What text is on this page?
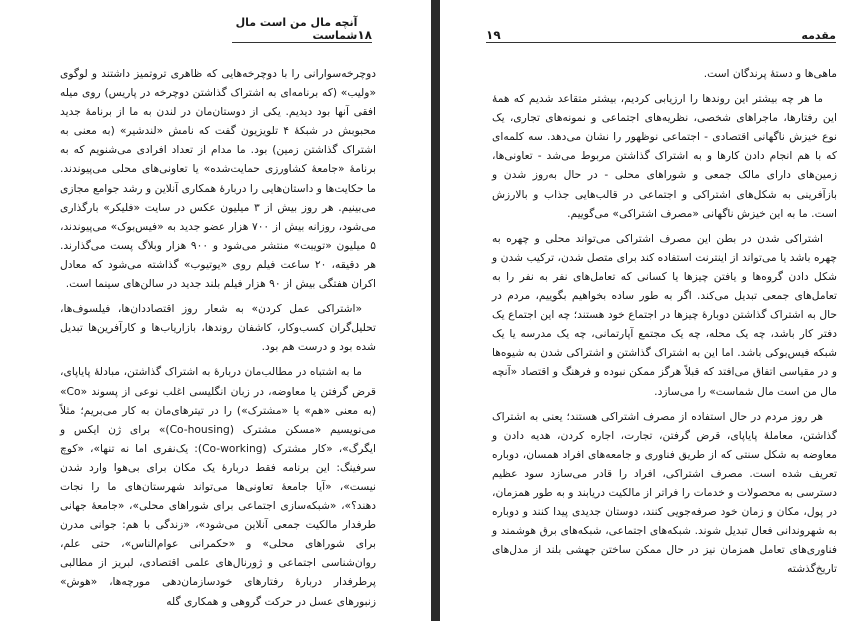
۱۸
آنچه مال من است مال شماست

دوچرخه‌سوارانی را با دوچرخه‌هایی که ظاهری تروتمیز داشتند و لوگوی «ولیب» (که برنامه‌ای به اشتراک گذاشتن دوچرخه در پاریس) روی میله افقی آنها بود دیدیم. یکی از دوستان‌مان در لندن به ما از برنامهٔ جدید محبوبش در شبکهٔ ۴ تلویزیون گفت که نامش «لندشیر» (به معنی به اشتراک گذاشتن زمین) بود. ما مدام از تعداد افرادی می‌شنویم که به برنامهٔ «جامعهٔ کشاورزی حمایت‌شده» یا تعاونی‌های محلی می‌پیوندند. ما حکایت‌ها و داستان‌هایی را دربارهٔ همکاری آنلاین و رشد جوامع مجازی می‌بینیم. هر روز بیش از ۳ میلیون عکس در سایت «فلیکر» بارگذاری می‌شود، روزانه بیش از ۷۰۰ هزار عضو جدید به «فیس‌بوک» می‌پیوندند، ۵ میلیون «تویبت» منتشر می‌شود و ۹۰۰ هزار وبلاگ پست می‌گذارند. هر دقیقه، ۲۰ ساعت فیلم روی «یوتیوب» گذاشته می‌شود که معادل اکران هفتگی بیش از ۹۰ هزار فیلم بلند جدید در سالن‌های سینما است.

«اشتراکی عمل کردن» به شعار روز اقتصاددان‌ها، فیلسوف‌ها، تحلیل‌گران کسب‌وکار، کاشفان روندها، بازاریاب‌ها و کارآفرین‌ها تبدیل شده بود و درست هم بود.

ما به اشتباه در مطالب‌مان دربارهٔ به اشتراک گذاشتن، مبادلهٔ پایاپای، قرض گرفتن یا معاوضه، در زبان انگلیسی اغلب نوعی از پسوند «Co» (به معنی «هم» یا «مشترک») را در تیترهای‌مان به کار می‌بریم؛ مثلاً می‌نویسیم «مسکن مشترک (Co-housing)» برای ژن ایکس و ایگرگ»، «کار مشترک (Co-working): یک‌نفری اما نه تنها»، «کوچ سرفینگ: این برنامه فقط دربارهٔ یک مکان برای بی‌هوا وارد شدن نیست»، «آیا جامعهٔ تعاونی‌ها می‌تواند شهرستان‌های ما را نجات دهند؟»، «شبکه‌سازی اجتماعی برای شوراهای محلی»، «جامعهٔ جهانی طرفدار مالکیت جمعی آنلاین می‌شود»، «زندگی با هم: جوانی مدرن برای شوراهای محلی» و «حکمرانی عوام‌الناس»، حتی علم، روان‌شناسی اجتماعی و ژورنال‌های علمی اقتصادی، لبریز از مطالبی پرطرفدار دربارهٔ رفتارهای خودسازمان‌دهی مورچه‌ها، «هوش» زنبورهای عسل در حرکت گروهی و همکاری گله

مقدمه
۱۹

ماهی‌ها و دستهٔ پرندگان است.

ما هر چه بیشتر این روندها را ارزیابی کردیم، بیشتر متقاعد شدیم که همهٔ این رفتارها، ماجراهای شخصی، نظریه‌های اجتماعی و نمونه‌های تجاری، یک نوع خیزش ناگهانی اقتصادی - اجتماعی نوظهور را نشان می‌دهد. سه کلمه‌ای که با هم انجام دادن کارها و به اشتراک گذاشتن مربوط می‌شد - تعاونی‌ها، زمین‌های دارای مالک جمعی و شوراهای محلی - در حال به‌روز شدن و بازآفرینی به شکل‌های اشتراکی و اجتماعی در قالب‌هایی جذاب و بالارزش است. ما به این خیزش ناگهانی «مصرف اشتراکی» می‌گوییم.

اشتراکی شدن در بطن این مصرف اشتراکی می‌تواند محلی و چهره به چهره باشد یا می‌تواند از اینترنت استفاده کند برای متصل شدن، ترکیب شدن و شکل دادن گروه‌ها و یافتن چیزها یا کسانی که تعامل‌های نفر به نفر را به تعامل‌های جمعی تبدیل می‌کند. اگر به طور ساده بخواهیم بگوییم، مردم در حال به اشتراک گذاشتن دوبارهٔ چیزها در اجتماع خود هستند؛ چه این اجتماع یک دفتر کار باشد، چه یک محله، چه یک مجتمع آپارتمانی، چه یک مدرسه یا یک شبکه فیس‌بوکی باشد. اما این به اشتراک گذاشتن و اشتراکی شدن به شیوه‌ها و در مقیاسی اتفاق می‌افتد که قبلاً هرگز ممکن نبوده و فرهنگ و اقتصاد «آنچه مال من است مال شماست» را می‌سازد.

هر روز مردم در حال استفاده از مصرف اشتراکی هستند؛ یعنی به اشتراک گذاشتن، معاملهٔ پایاپای، قرض گرفتن، تجارت، اجاره کردن، هدیه دادن و معاوضه به شکل سنتی که از طریق فناوری و جامعه‌های افراد همسان، دوباره تعریف شده است. مصرف اشتراکی، افراد را قادر می‌سازد سود عظیم دسترسی به محصولات و خدمات را فراتر از مالکیت دریابند و به طور همزمان، در پول، مکان و زمان خود صرفه‌جویی کنند، دوستان جدیدی پیدا کنند و دوباره به شهروندانی فعال تبدیل شوند. شبکه‌های اجتماعی، شبکه‌های برق هوشمند و فناوری‌های تعامل همزمان نیز در حال ممکن ساختن جهشی بلند از مدل‌های تاریخ‌گذشته
